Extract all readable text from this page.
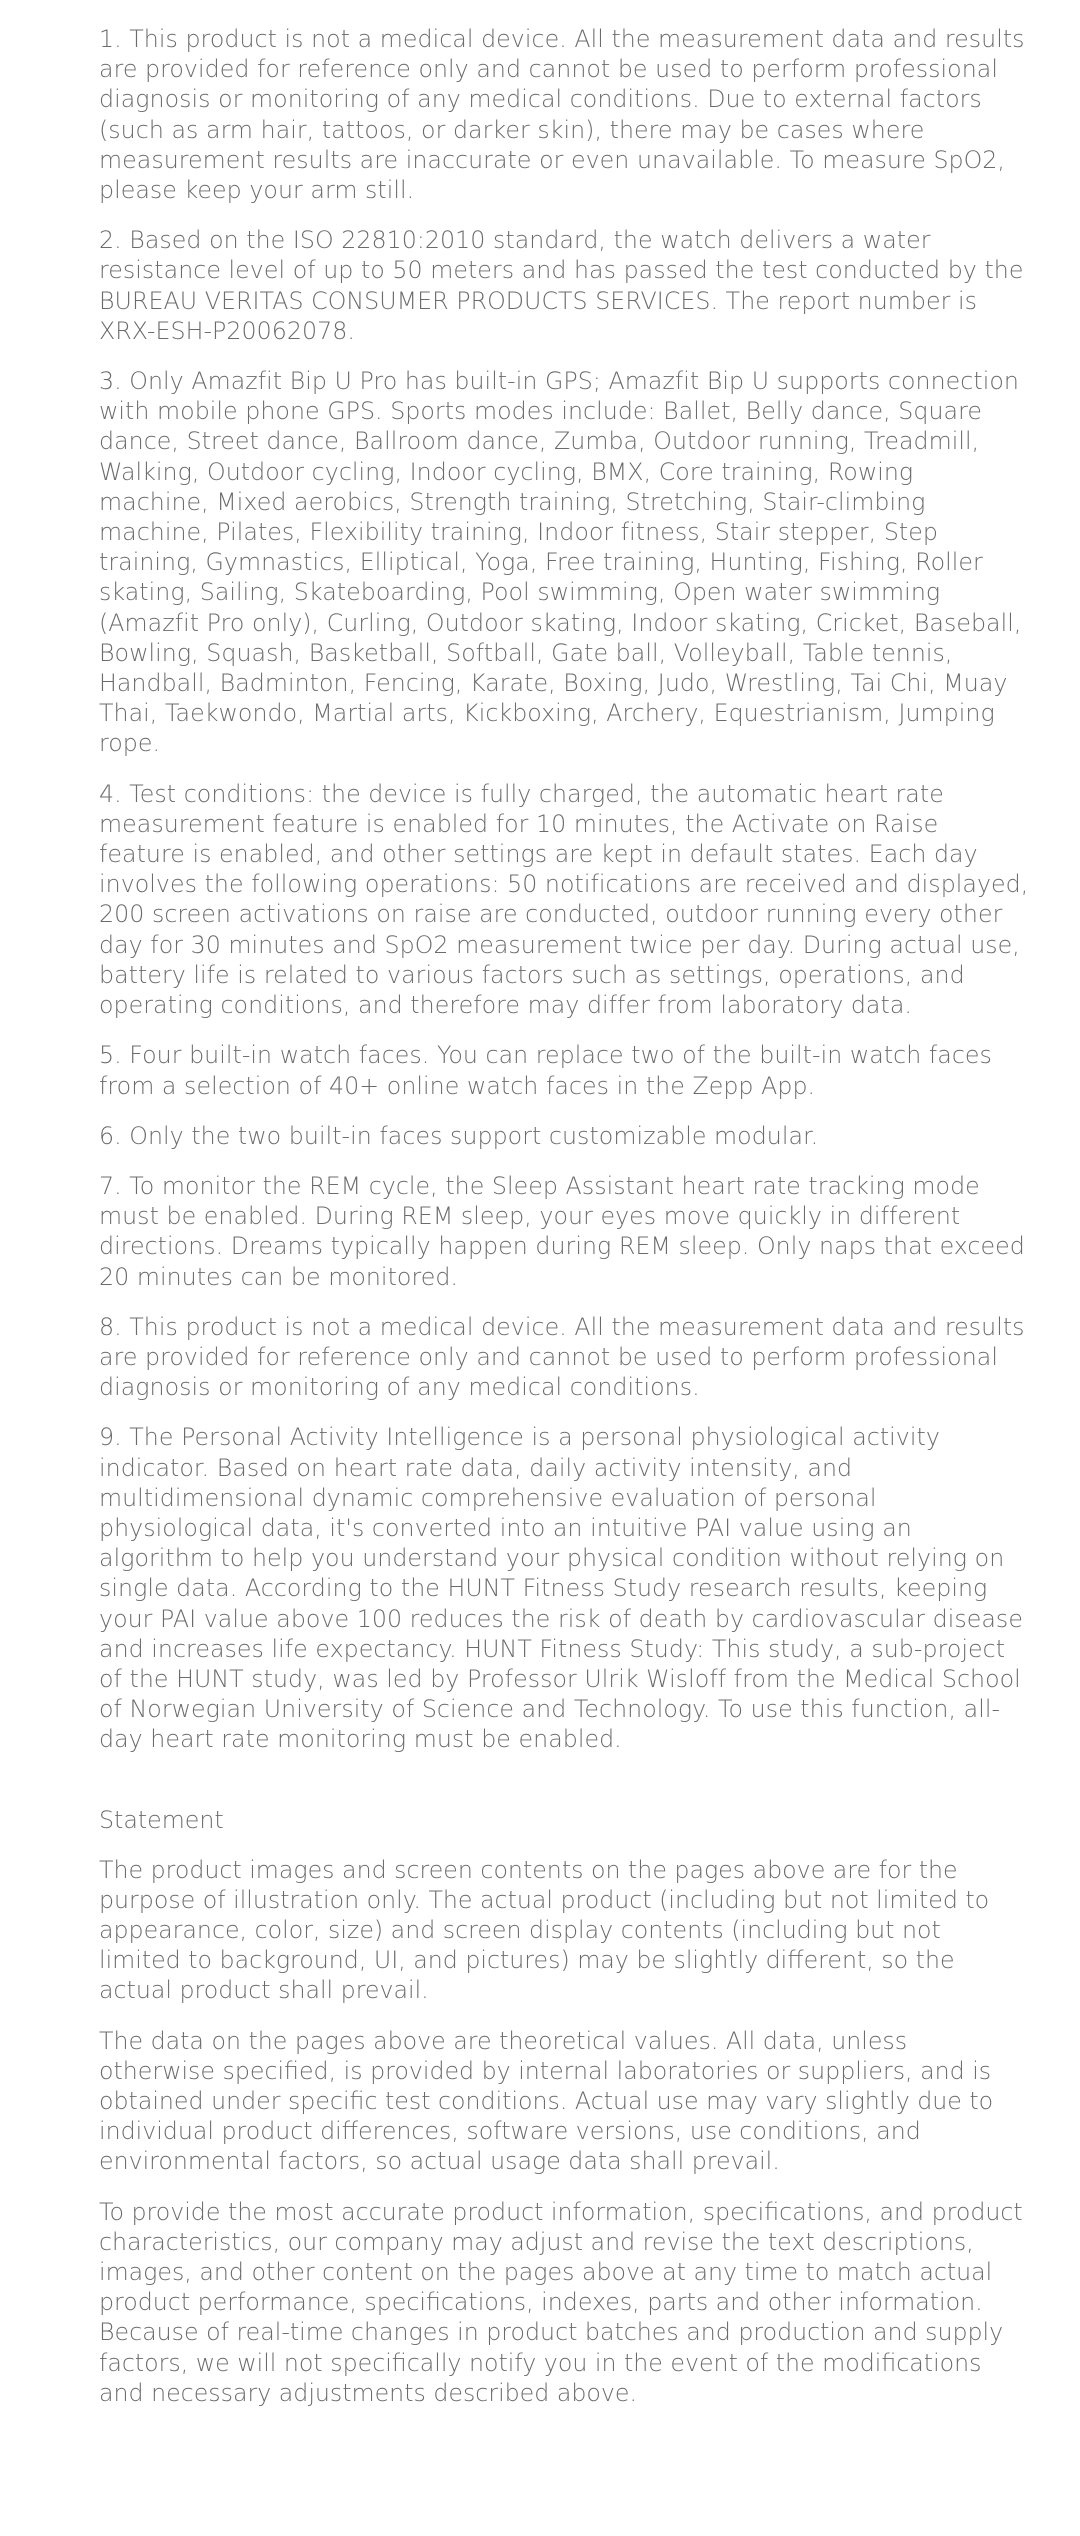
1. This product is not a medical device. All the measurement data and results are provided for reference only and cannot be used to perform professional diagnosis or monitoring of any medical conditions. Due to external factors (such as arm hair, tattoos, or darker skin), there may be cases where measurement results are inaccurate or even unavailable. To measure SpO2, please keep your arm still.

2. Based on the ISO 22810:2010 standard, the watch delivers a water resistance level of up to 50 meters and has passed the test conducted by the BUREAU VERITAS CONSUMER PRODUCTS SERVICES. The report number is XRX-ESH-P20062078.

3. Only Amazfit Bip U Pro has built-in GPS; Amazfit Bip U supports connection with mobile phone GPS. Sports modes include: Ballet, Belly dance, Square dance, Street dance, Ballroom dance, Zumba, Outdoor running, Treadmill, Walking, Outdoor cycling, Indoor cycling, BMX, Core training, Rowing machine, Mixed aerobics, Strength training, Stretching, Stair-climbing machine, Pilates, Flexibility training, Indoor fitness, Stair stepper, Step training, Gymnastics, Elliptical, Yoga, Free training, Hunting, Fishing, Roller skating, Sailing, Skateboarding, Pool swimming, Open water swimming (Amazfit Pro only), Curling, Outdoor skating, Indoor skating, Cricket, Baseball, Bowling, Squash, Basketball, Softball, Gate ball, Volleyball, Table tennis, Handball, Badminton, Fencing, Karate, Boxing, Judo, Wrestling, Tai Chi, Muay Thai, Taekwondo, Martial arts, Kickboxing, Archery, Equestrianism, Jumping rope.

4. Test conditions: the device is fully charged, the automatic heart rate measurement feature is enabled for 10 minutes, the Activate on Raise feature is enabled, and other settings are kept in default states. Each day involves the following operations: 50 notifications are received and displayed, 200 screen activations on raise are conducted, outdoor running every other day for 30 minutes and SpO2 measurement twice per day. During actual use, battery life is related to various factors such as settings, operations, and operating conditions, and therefore may differ from laboratory data.

5. Four built-in watch faces. You can replace two of the built-in watch faces from a selection of 40+ online watch faces in the Zepp App.

6. Only the two built-in faces support customizable modular.

7. To monitor the REM cycle, the Sleep Assistant heart rate tracking mode must be enabled. During REM sleep, your eyes move quickly in different directions. Dreams typically happen during REM sleep. Only naps that exceed 20 minutes can be monitored.

8. This product is not a medical device. All the measurement data and results are provided for reference only and cannot be used to perform professional diagnosis or monitoring of any medical conditions.

9. The Personal Activity Intelligence is a personal physiological activity indicator. Based on heart rate data, daily activity intensity, and multidimensional dynamic comprehensive evaluation of personal physiological data, it's converted into an intuitive PAI value using an algorithm to help you understand your physical condition without relying on single data. According to the HUNT Fitness Study research results, keeping your PAI value above 100 reduces the risk of death by cardiovascular disease and increases life expectancy. HUNT Fitness Study: This study, a sub-project of the HUNT study, was led by Professor Ulrik Wisloff from the Medical School of Norwegian University of Science and Technology. To use this function, all-day heart rate monitoring must be enabled.

Statement

The product images and screen contents on the pages above are for the purpose of illustration only. The actual product (including but not limited to appearance, color, size) and screen display contents (including but not limited to background, UI, and pictures) may be slightly different, so the actual product shall prevail.

The data on the pages above are theoretical values. All data, unless otherwise specified, is provided by internal laboratories or suppliers, and is obtained under specific test conditions. Actual use may vary slightly due to individual product differences, software versions, use conditions, and environmental factors, so actual usage data shall prevail.

To provide the most accurate product information, specifications, and product characteristics, our company may adjust and revise the text descriptions, images, and other content on the pages above at any time to match actual product performance, specifications, indexes, parts and other information. Because of real-time changes in product batches and production and supply factors, we will not specifically notify you in the event of the modifications and necessary adjustments described above.
